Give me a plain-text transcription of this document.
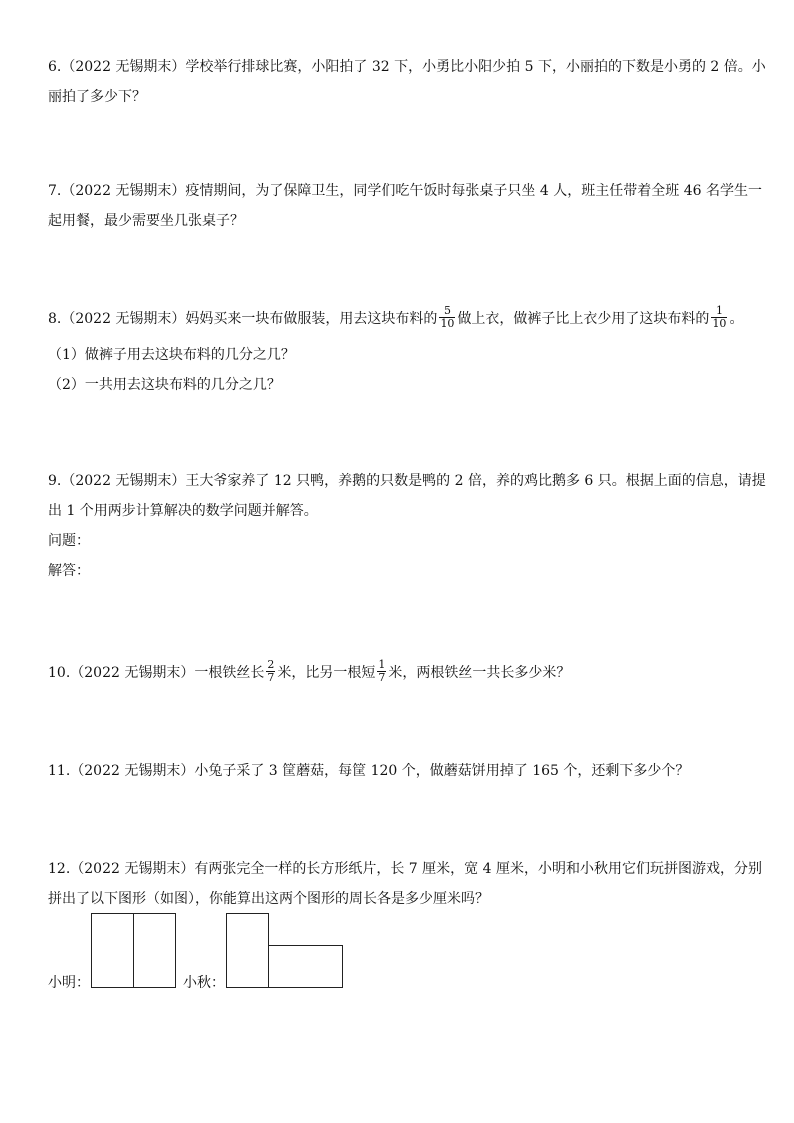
6.（2022 无锡期末）学校举行排球比赛，小阳拍了 32 下，小勇比小阳少拍 5 下，小丽拍的下数是小勇的 2 倍。小
丽拍了多少下？
7.（2022 无锡期末）疫情期间，为了保障卫生，同学们吃午饭时每张桌子只坐 4 人，班主任带着全班 46 名学生一
起用餐，最少需要坐几张桌子？
8.（2022 无锡期末）妈妈买来一块布做服装，用去这块布料的 $\frac{5}{10}$ 做上衣，做裤子比上衣少用了这块布料的 $\frac{1}{10}$ 。
（1）做裤子用去这块布料的几分之几？
（2）一共用去这块布料的几分之几？
9.（2022 无锡期末）王大爷家养了 12 只鸭，养鹅的只数是鸭的 2 倍，养的鸡比鹅多 6 只。根据上面的信息，请提
出 1 个用两步计算解决的数学问题并解答。
问题：
解答：
10.（2022 无锡期末）一根铁丝长 $\frac{2}{7}$ 米，比另一根短 $\frac{1}{7}$ 米，两根铁丝一共长多少米？
11.（2022 无锡期末）小兔子采了 3 筐蘑菇，每筐 120 个，做蘑菇饼用掉了 165 个，还剩下多少个？
12.（2022 无锡期末）有两张完全一样的长方形纸片，长 7 厘米，宽 4 厘米，小明和小秋用它们玩拼图游戏，分别
拼出了以下图形（如图），你能算出这两个图形的周长各是多少厘米吗？
小明：	小秋：
